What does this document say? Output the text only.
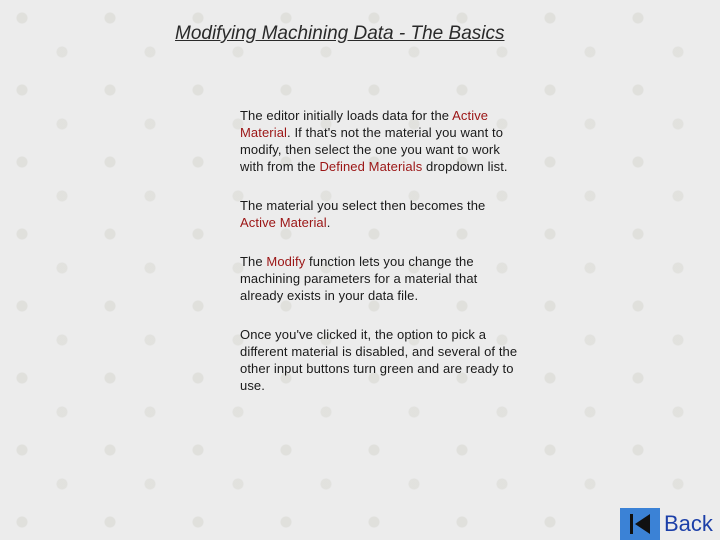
Modifying Machining Data - The Basics

The editor initially loads data for the Active Material. If that's not the material you want to modify, then select the one you want to work with from the Defined Materials dropdown list.

The material you select then becomes the Active Material.

The Modify function lets you change the machining parameters for a material that already exists in your data file.

Once you've clicked it, the option to pick a different material is disabled, and several of the other input buttons turn green and are ready to use.

Back
